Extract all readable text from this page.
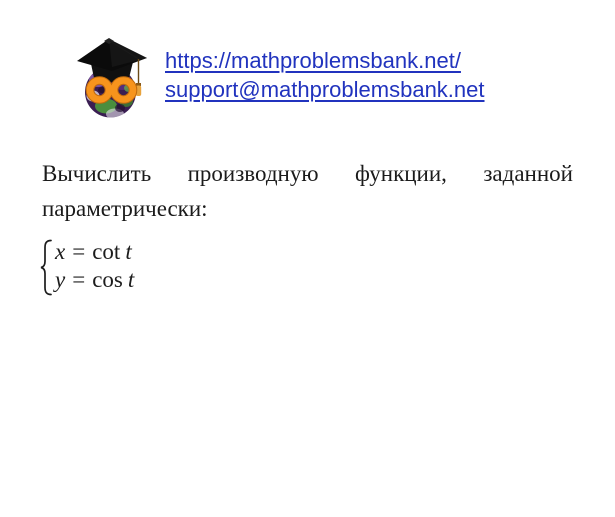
https://mathproblemsbank.net/
support@mathproblemsbank.net
Вычислить производную функции, заданной
параметрически:
x = cot t
y = cos t
